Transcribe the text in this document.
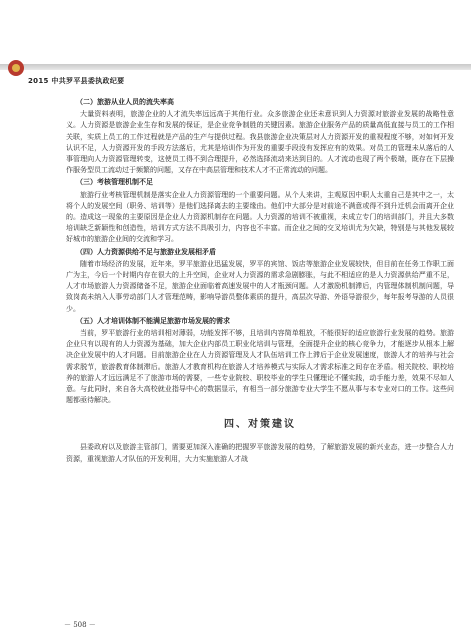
2015 中共罗平县委执政纪要
（二）旅游从业人员的流失率高

大量资料表明，旅游企业的人才流失率远远高于其他行业。众多旅游企业还未意识到人力资源对旅游业发展的战略性意义。人力资源是旅游企业生存和发展的保证，是企业竞争制胜的关键因素。旅游企业服务产品的质量高低直接与员工的工作相关联，实质上员工的工作过程就是产品的生产与提供过程。我县旅游企业决策层对人力资源开发的重视程度不够，对如何开发认识不足，人力资源开发的手段方法落后，尤其是培训作为开发的重要手段没有发挥应有的效果。对员工的管理未从落后的人事管理向人力资源管理转变，这使员工得不到合理提升，必然选择流动来达到目的。人才流动也现了两个极端，既存在下层操作服务型员工流动过于频繁的问题，又存在中高层管理和技术人才不正常流动的问题。

（三）考核管理机制不足

旅游行业考核管理机制是落实企业人力资源管理的一个重要问题。从个人来讲，主观原因中职人太重自己是其中之一，太将个人的发展空间（职务、培训等）是他们选择离去的主要缘由。他们中大部分是对前途不满意或得不到升迁机会而离开企业的。造成这一现象的主要原因是企业人力资源机制存在问题。人力资源的培训不被重视，未成立专门的培训部门，并且大多数培训缺乏新颖性和创造性，培训方式方法不具吸引力，内容也不丰富。而企业之间的交叉培训尤为欠缺，特别是与其他发展较好城市的旅游企业间的交流和学习。

（四）人力资源供给不足与旅游业发展相矛盾

随着市场经济的发展，近年来，罗平旅游业迅猛发展，罗平的宾馆、饭店等旅游企业发展较快，但目前在任务工作职工面广为主，今后一个时期内存在很大的上升空间，企业对人力资源的需求急剧膨胀，与此不相适应的是人力资源供给严重不足，人才市场旅游人力资源储备不足，旅游企业面临着高速发展中的人才瓶颈问题。人才激励机制滞后，内管理体制机制问题，导致岗高未纳入人事劳动部门人才管理范畴，影响导游员整体素质的提升，高层次导游、外语导游很少，每年报考导游的人员很少。

（五）人才培训体制不能满足旅游市场发展的需求

当前，罗平旅游行业的培训相对薄弱，功能发挥不够，且培训内容简单粗放，不能很好的适应旅游行业发展的趋势。旅游企业只有以现有的人力资源为基础，加大企业内部员工职业化培训与管理，全面提升企业的核心竞争力，才能逐步从根本上解决企业发展中的人才问题。目前旅游企业在人力资源管理及人才队伍培训工作上滞后于企业发展速度，旅游人才的培养与社会需求脱节，旅游教育体制滞后。旅游人才教育机构在旅游人才培养模式与实际人才需求标准之间存在矛盾。相关院校、职校培养的旅游人才远远满足不了旅游市场的需要，一些专业院校、职校毕业的学生只懂理论不懂实践，动手能力差，效果不尽如人意。与此同时，来自各大高校就业指导中心的数据显示，有相当一部分旅游专业大学生不愿从事与本专业对口的工作。这些问题都亟待解决。

四、对策建议

县委政府以及旅游主管部门，需要更加深入准确的把握罗平旅游发展的趋势，了解旅游发展的新兴业态，进一步整合人力资源，重视旅游人才队伍的开发利用，大力实施旅游人才战

－ 508 －
